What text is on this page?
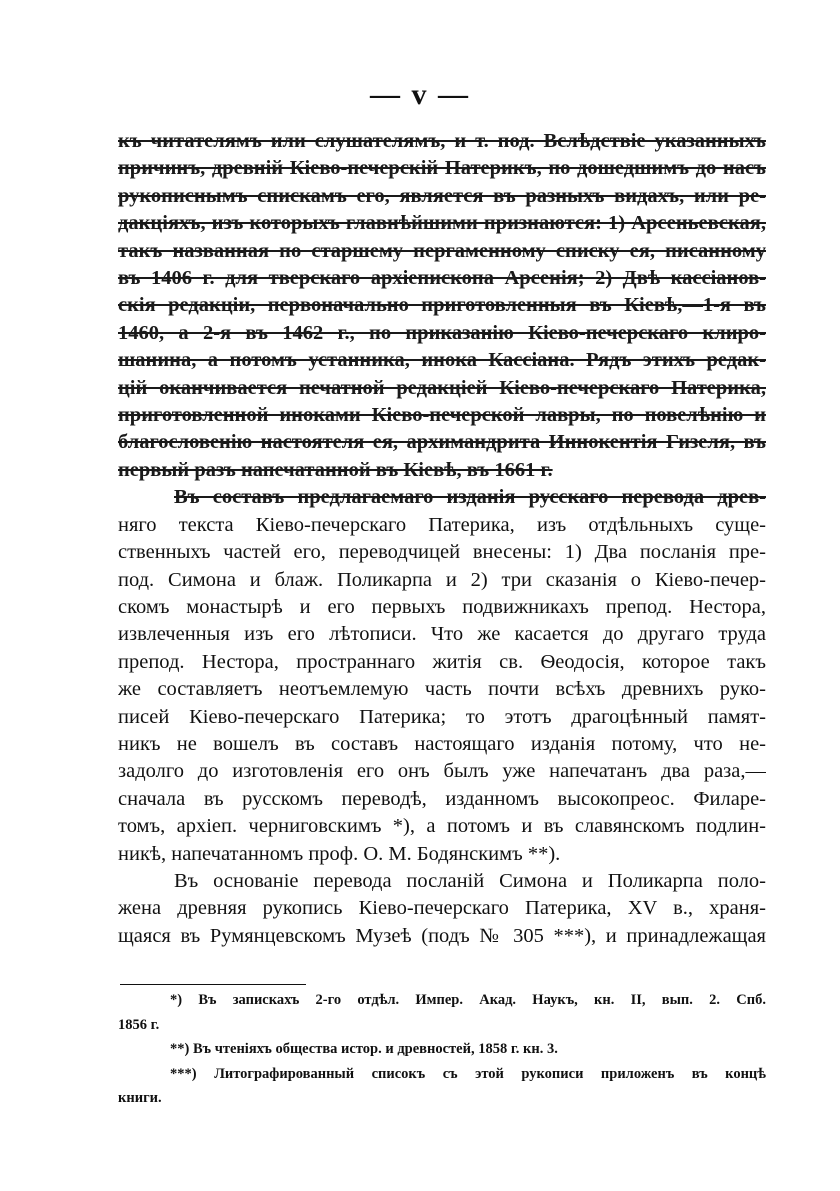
— v —
къ читателямъ или слушателямъ, и т. под. Вслѣдствіе указанныхъ
причинъ, древній Кіево-печерскій Патерикъ, по дошедшимъ до насъ
рукописнымъ спискамъ его, является въ разныхъ видахъ, или ре-
дакціяхъ, изъ которыхъ главнѣйшими признаются: 1) Арсеньевская,
такъ названная по старшему пергаменному списку ея, писанному
въ 1406 г. для тверскаго архіепископа Арсенія; 2) Двѣ кассіанов-
скія редакціи, первоначально приготовленныя въ Кіевѣ,—1-я въ
1460, а 2-я въ 1462 г., по приказанію Кіево-печерскаго клиро-
шанина, а потомъ устанника, инока Кассіана. Рядъ этихъ редак-
цій оканчивается печатной редакціей Кіево-печерскаго Патерика,
приготовленной иноками Кіево-печерской лавры, по повелѣнію и
благословенію настоятеля ея, архимандрита Иннокентія Гизеля, въ
первый разъ напечатанной въ Кіевѣ, въ 1661 г.
Въ составъ предлагаемаго изданія русскаго перевода древ-
няго текста Кіево-печерскаго Патерика, изъ отдѣльныхъ суще-
ственныхъ частей его, переводчицей внесены: 1) Два посланія пре-
под. Симона и блаж. Поликарпа и 2) три сказанія о Кіево-печер-
скомъ монастырѣ и его первыхъ подвижникахъ препод. Нестора,
извлеченныя изъ его лѣтописи. Что же касается до другаго труда
препод. Нестора, пространнаго житія св. Ѳеодосія, которое такъ
же составляетъ неотъемлемую часть почти всѣхъ древнихъ руко-
писей Кіево-печерскаго Патерика; то этотъ драгоцѣнный памят-
никъ не вошелъ въ составъ настоящаго изданія потому, что не-
задолго до изготовленія его онъ былъ уже напечатанъ два раза,—
сначала въ русскомъ переводѣ, изданномъ высокопреос. Филаре-
томъ, архіеп. черниговскимъ *), а потомъ и въ славянскомъ подлин-
никѣ, напечатанномъ проф. О. М. Бодянскимъ **).
Въ основаніе перевода посланій Симона и Поликарпа поло-
жена древняя рукопись Кіево-печерскаго Патерика, XV в., храня-
щаяся въ Румянцевскомъ Музеѣ (подъ № 305 ***), и принадлежащая
*) Въ запискахъ 2-го отдѣл. Импер. Акад. Наукъ, кн. II, вып. 2. Спб.
1856 г.
**) Въ чтеніяхъ общества истор. и древностей, 1858 г. кн. 3.
***) Литографированный списокъ съ этой рукописи приложенъ въ концѣ
книги.
